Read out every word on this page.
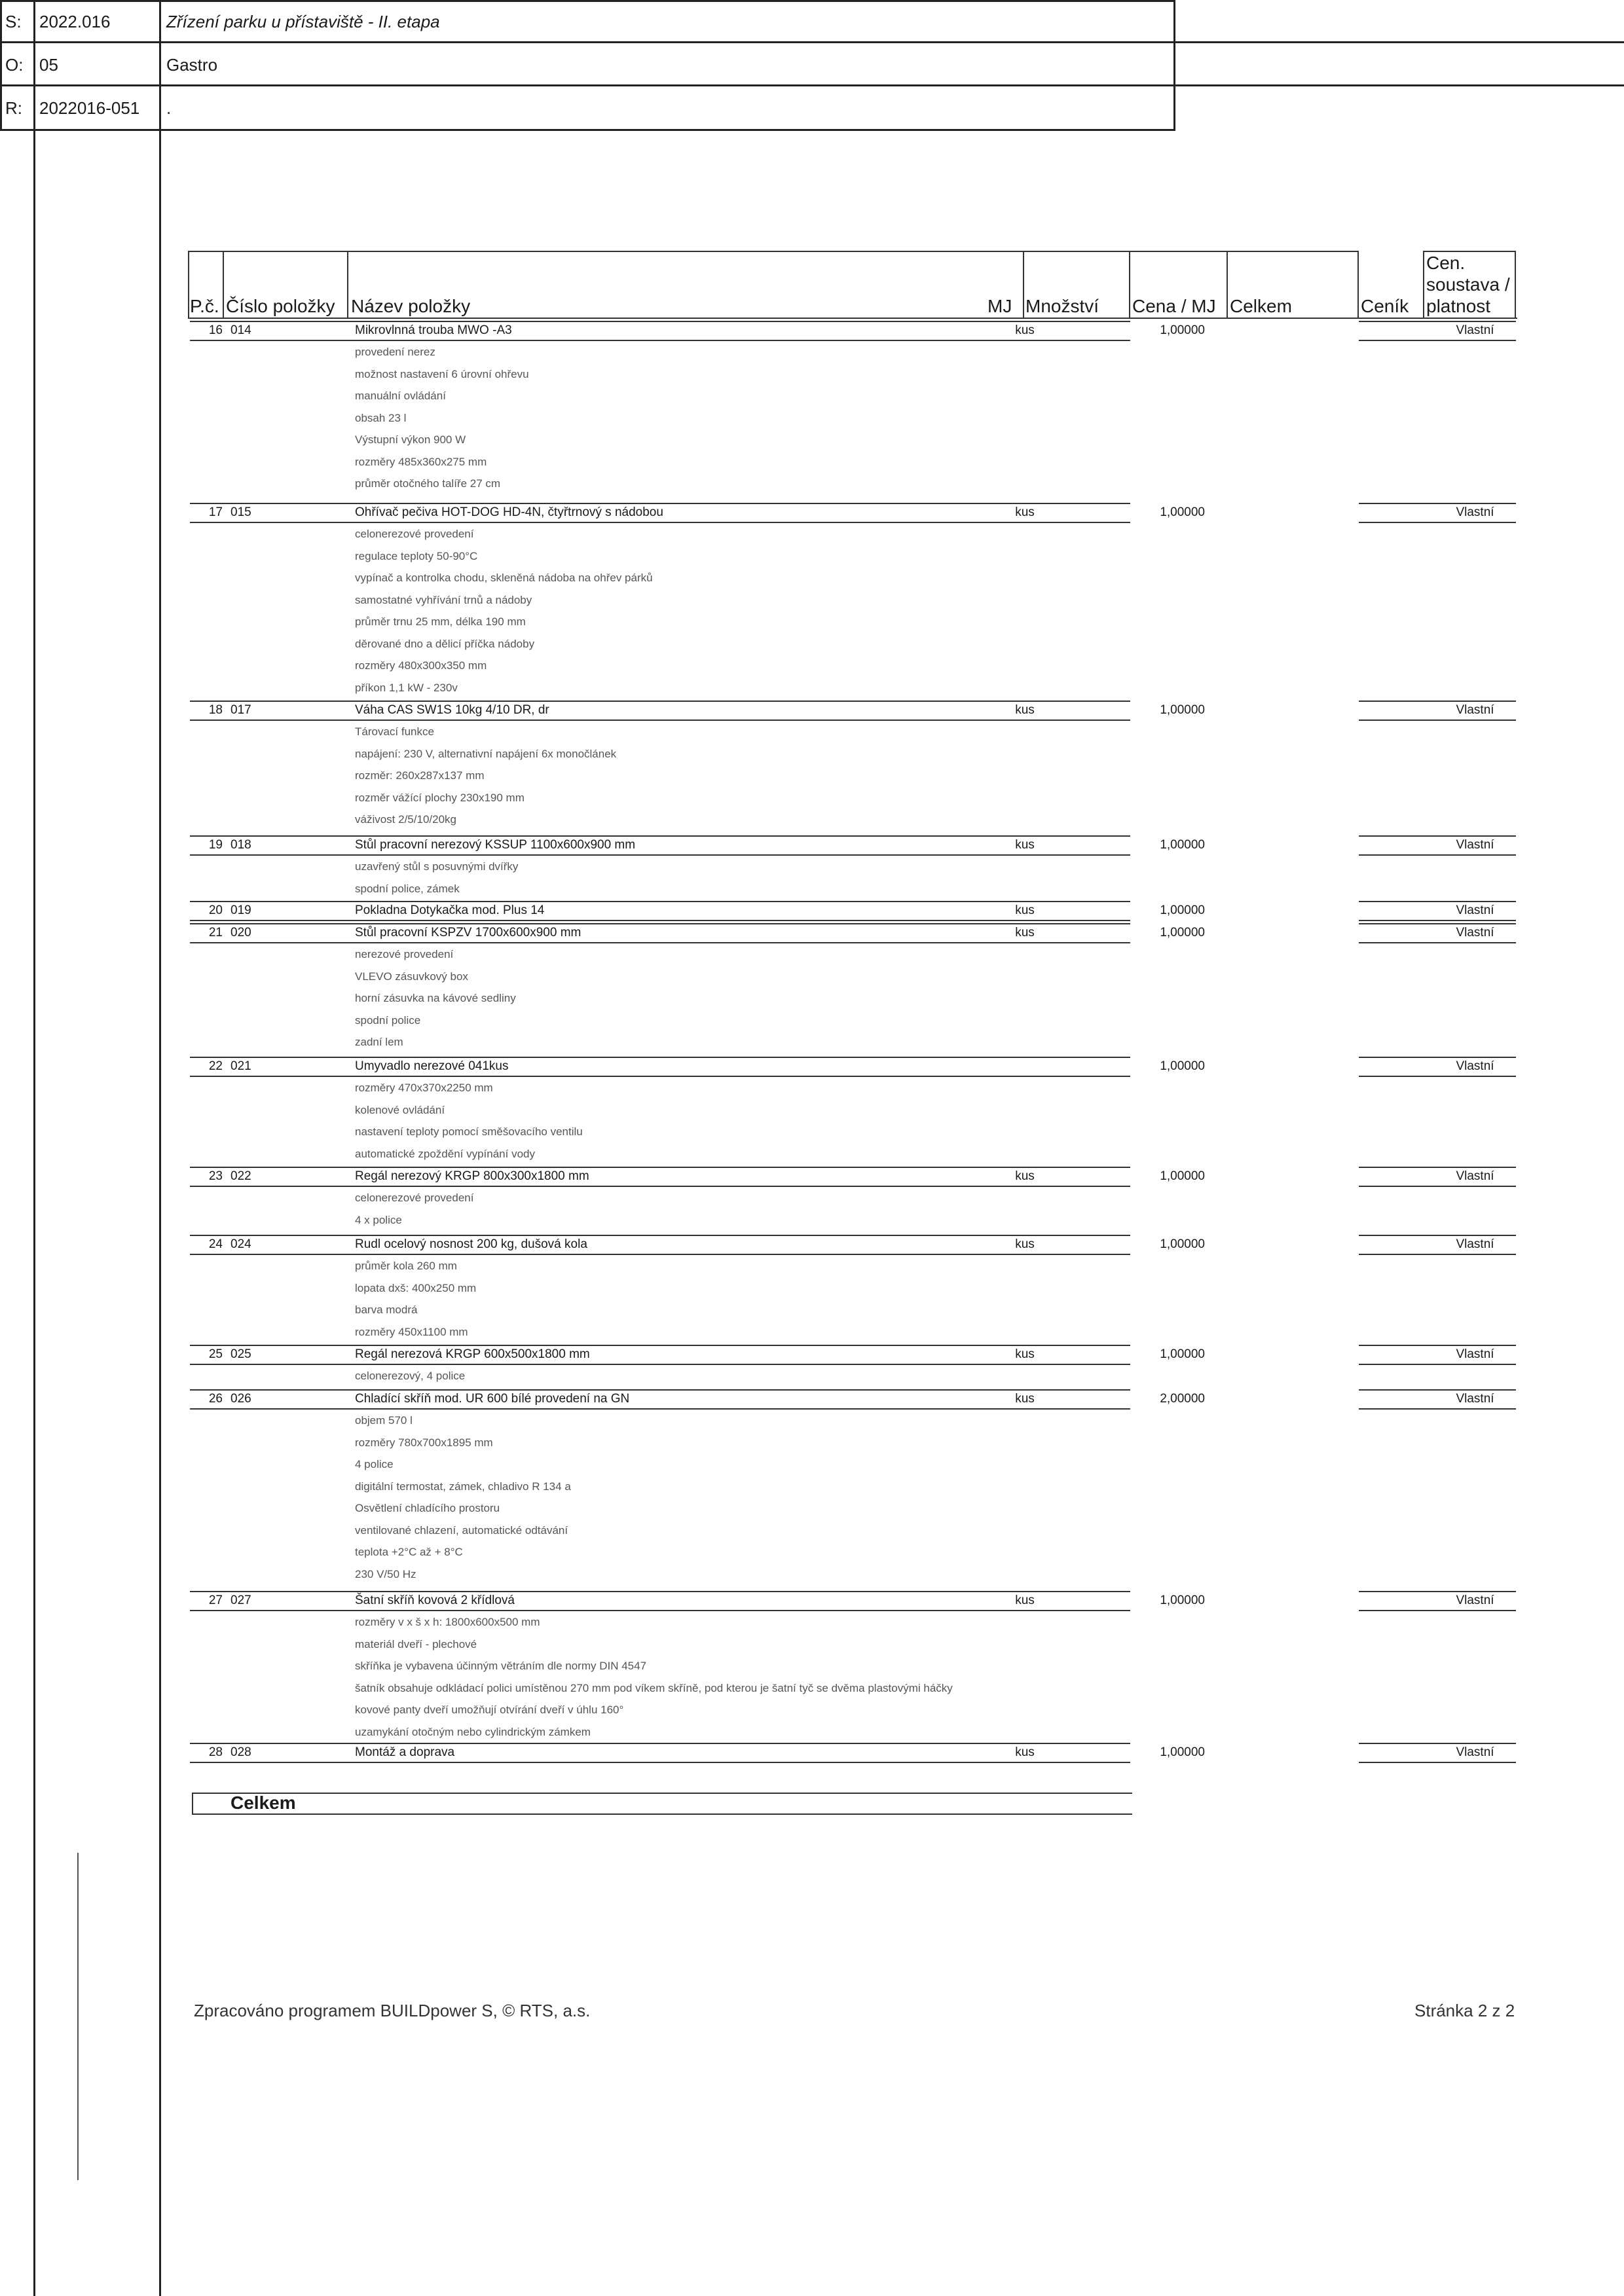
S: 2022.016	Zřízení parku u přístaviště - II. etapa
O: 05	Gastro
R: 2022016-051 .
P.č. Číslo položky Název položky	MJ Množství Cena / MJ Celkem	Ceník
Cen.
soustava /
platnost
16 014	Mikrovlnná trouba MWO -A3	kus	1,00000	Vlastní
provedení nerez
možnost nastavení 6 úrovní ohřevu
manuální ovládání
obsah 23 l
Výstupní výkon 900 W
rozměry 485x360x275 mm
průměr otočného talíře 27 cm
17 015	Ohřívač pečiva HOT-DOG HD-4N, čtyřtrnový s nádobou	kus	1,00000	Vlastní
celonerezové provedení
regulace teploty 50-90°C
vypínač a kontrolka chodu, skleněná nádoba na ohřev párků
samostatné vyhřívání trnů a nádoby
průměr trnu 25 mm, délka 190 mm
děrované dno a dělicí příčka nádoby
rozměry 480x300x350 mm
příkon 1,1 kW - 230v
18 017	Váha CAS SW1S 10kg 4/10 DR, dr	kus	1,00000	Vlastní
Tárovací funkce
napájení: 230 V, alternativní napájení 6x monočlánek
rozměr: 260x287x137 mm
rozměr vážící plochy 230x190 mm
váživost 2/5/10/20kg
19 018	Stůl pracovní nerezový KSSUP 1100x600x900 mm	kus	1,00000	Vlastní
uzavřený stůl s posuvnými dvířky
spodní police, zámek
20 019	Pokladna Dotykačka mod. Plus 14	kus	1,00000	Vlastní
21 020	Stůl pracovní KSPZV 1700x600x900 mm	kus	1,00000	Vlastní
nerezové provedení
VLEVO zásuvkový box
horní zásuvka na kávové sedliny
spodní police
zadní lem
22 021	Umyvadlo nerezové 041kus	1,00000	Vlastní
rozměry 470x370x2250 mm
kolenové ovládání
nastavení teploty pomocí směšovacího ventilu
automatické zpoždění vypínání vody
23 022	Regál nerezový KRGP 800x300x1800 mm	kus	1,00000	Vlastní
celonerezové provedení
4 x police
24 024	Rudl ocelový nosnost 200 kg, dušová kola	kus	1,00000	Vlastní
průměr kola 260 mm
lopata dxš: 400x250 mm
barva modrá
rozměry 450x1100 mm
25 025	Regál nerezová KRGP 600x500x1800 mm	kus	1,00000	Vlastní
celonerezový, 4 police
26 026	Chladící skříň mod. UR 600 bílé provedení na GN	kus	2,00000	Vlastní
objem 570 l
rozměry 780x700x1895 mm
4 police
digitální termostat, zámek, chladivo R 134 a
Osvětlení chladícího prostoru
ventilované chlazení, automatické odtávání
teplota +2°C až + 8°C
230 V/50 Hz
27 027	Šatní skříň kovová 2 křídlová	kus	1,00000	Vlastní
rozměry v x š x h: 1800x600x500 mm
materiál dveří - plechové
skříňka je vybavena účinným větráním dle normy DIN 4547
šatník obsahuje odkládací polici umístěnou 270 mm pod víkem skříně, pod kterou je šatní tyč se dvěma plastovými háčky
kovové panty dveří umožňují otvírání dveří v úhlu 160°
uzamykání otočným nebo cylindrickým zámkem
28 028	Montáž a doprava	kus	1,00000	Vlastní
Celkem
Zpracováno programem BUILDpower S, © RTS, a.s.	Stránka 2 z 2
